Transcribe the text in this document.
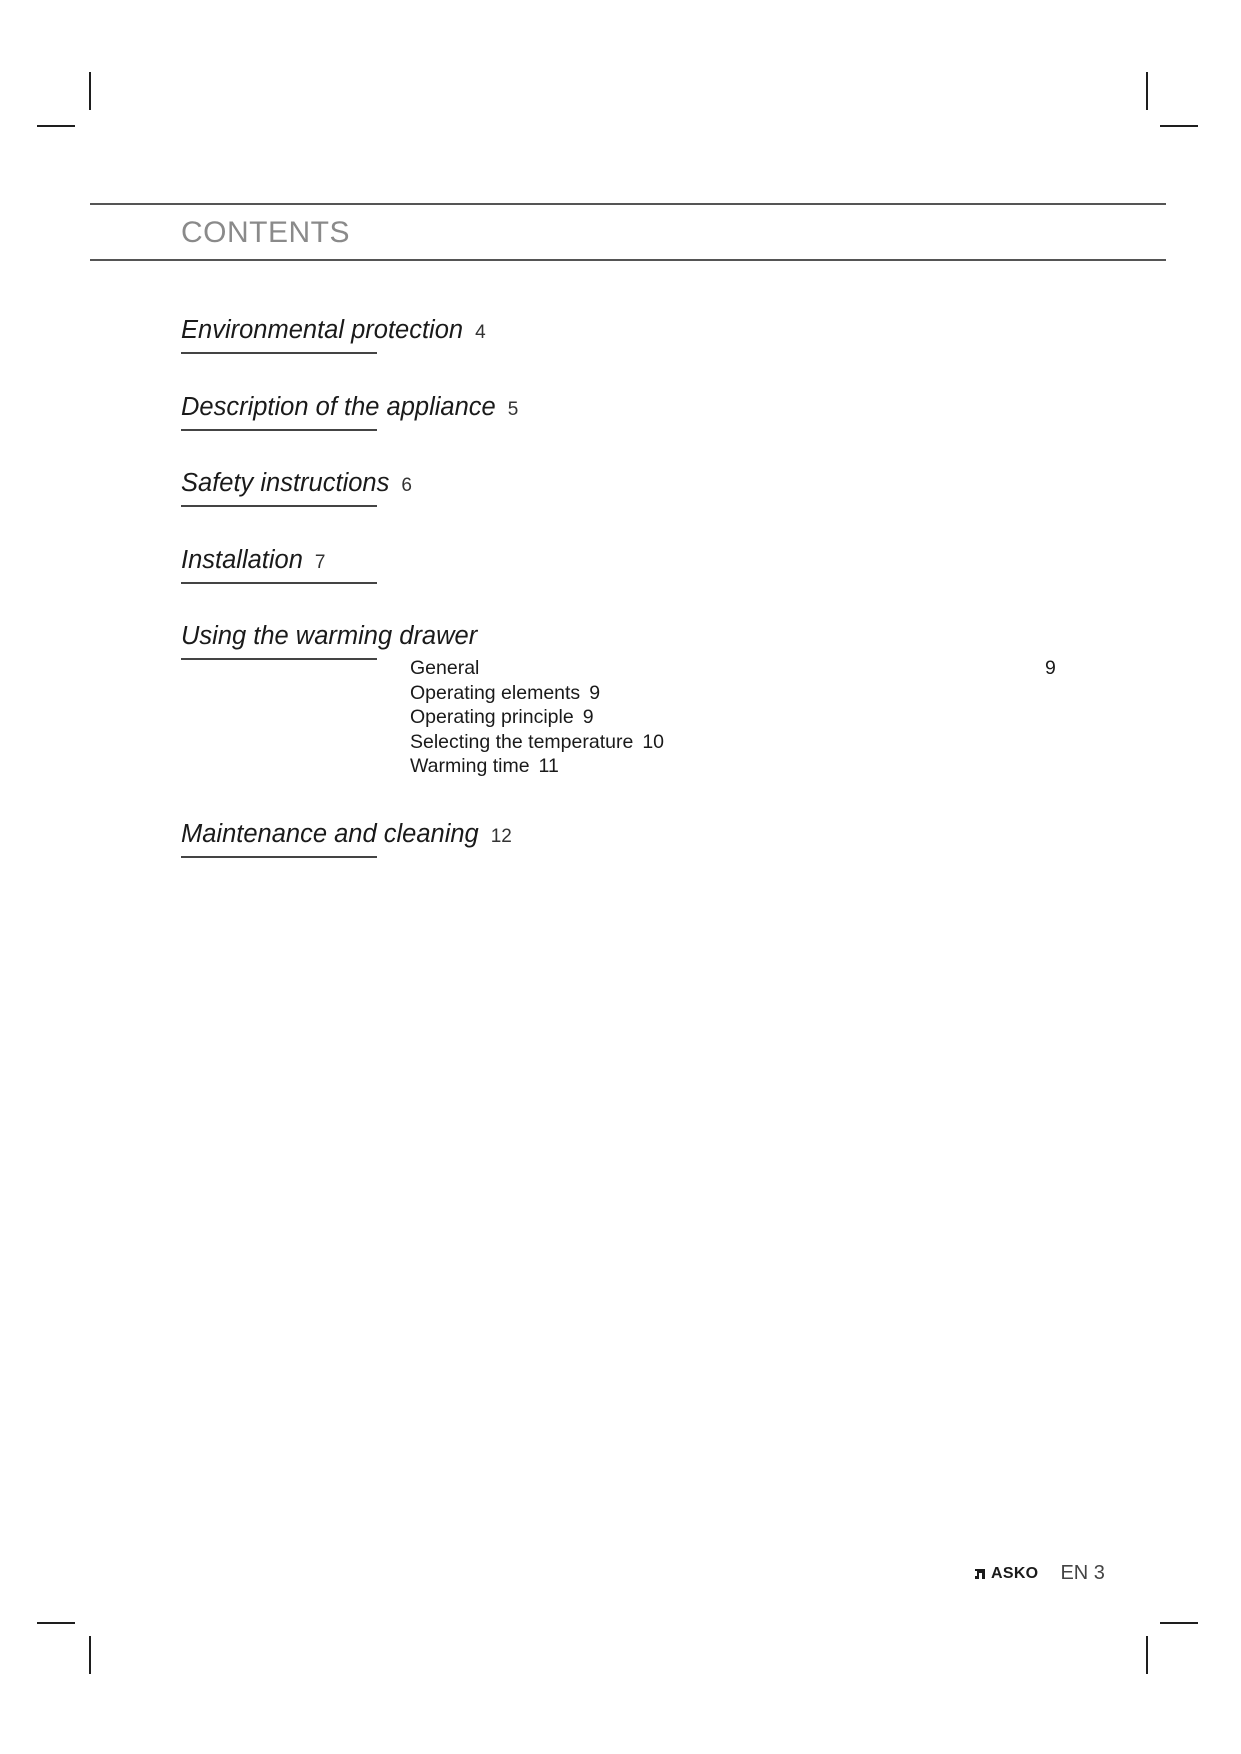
CONTENTS
Environmental protection 4
Description of the appliance 5
Safety instructions 6
Installation 7
Using the warming drawer
General
Operating elements 9
Operating principle 9
Selecting the temperature 10
Warming time 11
9
Maintenance and cleaning 12
ASKO EN 3
